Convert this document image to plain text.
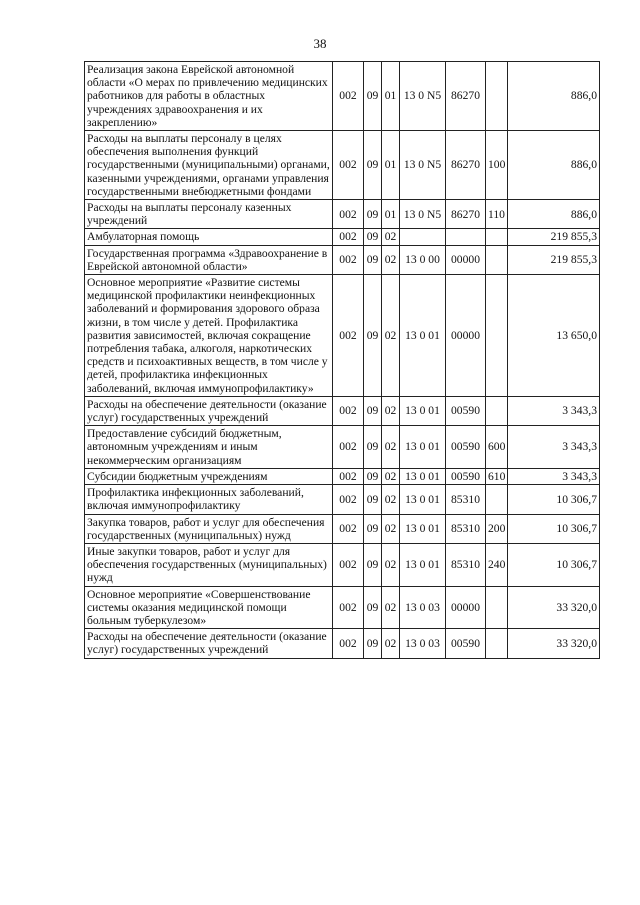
38
Реализация закона Еврейской автономной области «О мерах по привлечению медицинских работников для работы в областных учреждениях здравоохранения и их закреплению»	002	09	01	13 0 N5	86270		886,0
Расходы на выплаты персоналу в целях обеспечения выполнения функций государственными (муниципальными) органами, казенными учреждениями, органами управления государственными внебюджетными фондами	002	09	01	13 0 N5	86270	100	886,0
Расходы на выплаты персоналу казенных учреждений	002	09	01	13 0 N5	86270	110	886,0
Амбулаторная помощь	002	09	02				219 855,3
Государственная программа «Здравоохранение в Еврейской автономной области»	002	09	02	13 0 00	00000		219 855,3
Основное мероприятие «Развитие системы медицинской профилактики неинфекционных заболеваний и формирования здорового образа жизни, в том числе у детей. Профилактика развития зависимостей, включая сокращение потребления табака, алкоголя, наркотических средств и психоактивных веществ, в том числе у детей, профилактика инфекционных заболеваний, включая иммунопрофилактику»	002	09	02	13 0 01	00000		13 650,0
Расходы на обеспечение деятельности (оказание услуг) государственных учреждений	002	09	02	13 0 01	00590		3 343,3
Предоставление субсидий бюджетным, автономным учреждениям и иным некоммерческим организациям	002	09	02	13 0 01	00590	600	3 343,3
Субсидии бюджетным учреждениям	002	09	02	13 0 01	00590	610	3 343,3
Профилактика инфекционных заболеваний, включая иммунопрофилактику	002	09	02	13 0 01	85310		10 306,7
Закупка товаров, работ и услуг для обеспечения государственных (муниципальных) нужд	002	09	02	13 0 01	85310	200	10 306,7
Иные закупки товаров, работ и услуг для обеспечения государственных (муниципальных) нужд	002	09	02	13 0 01	85310	240	10 306,7
Основное мероприятие «Совершенствование системы оказания медицинской помощи больным туберкулезом»	002	09	02	13 0 03	00000		33 320,0
Расходы на обеспечение деятельности (оказание услуг) государственных учреждений	002	09	02	13 0 03	00590		33 320,0
